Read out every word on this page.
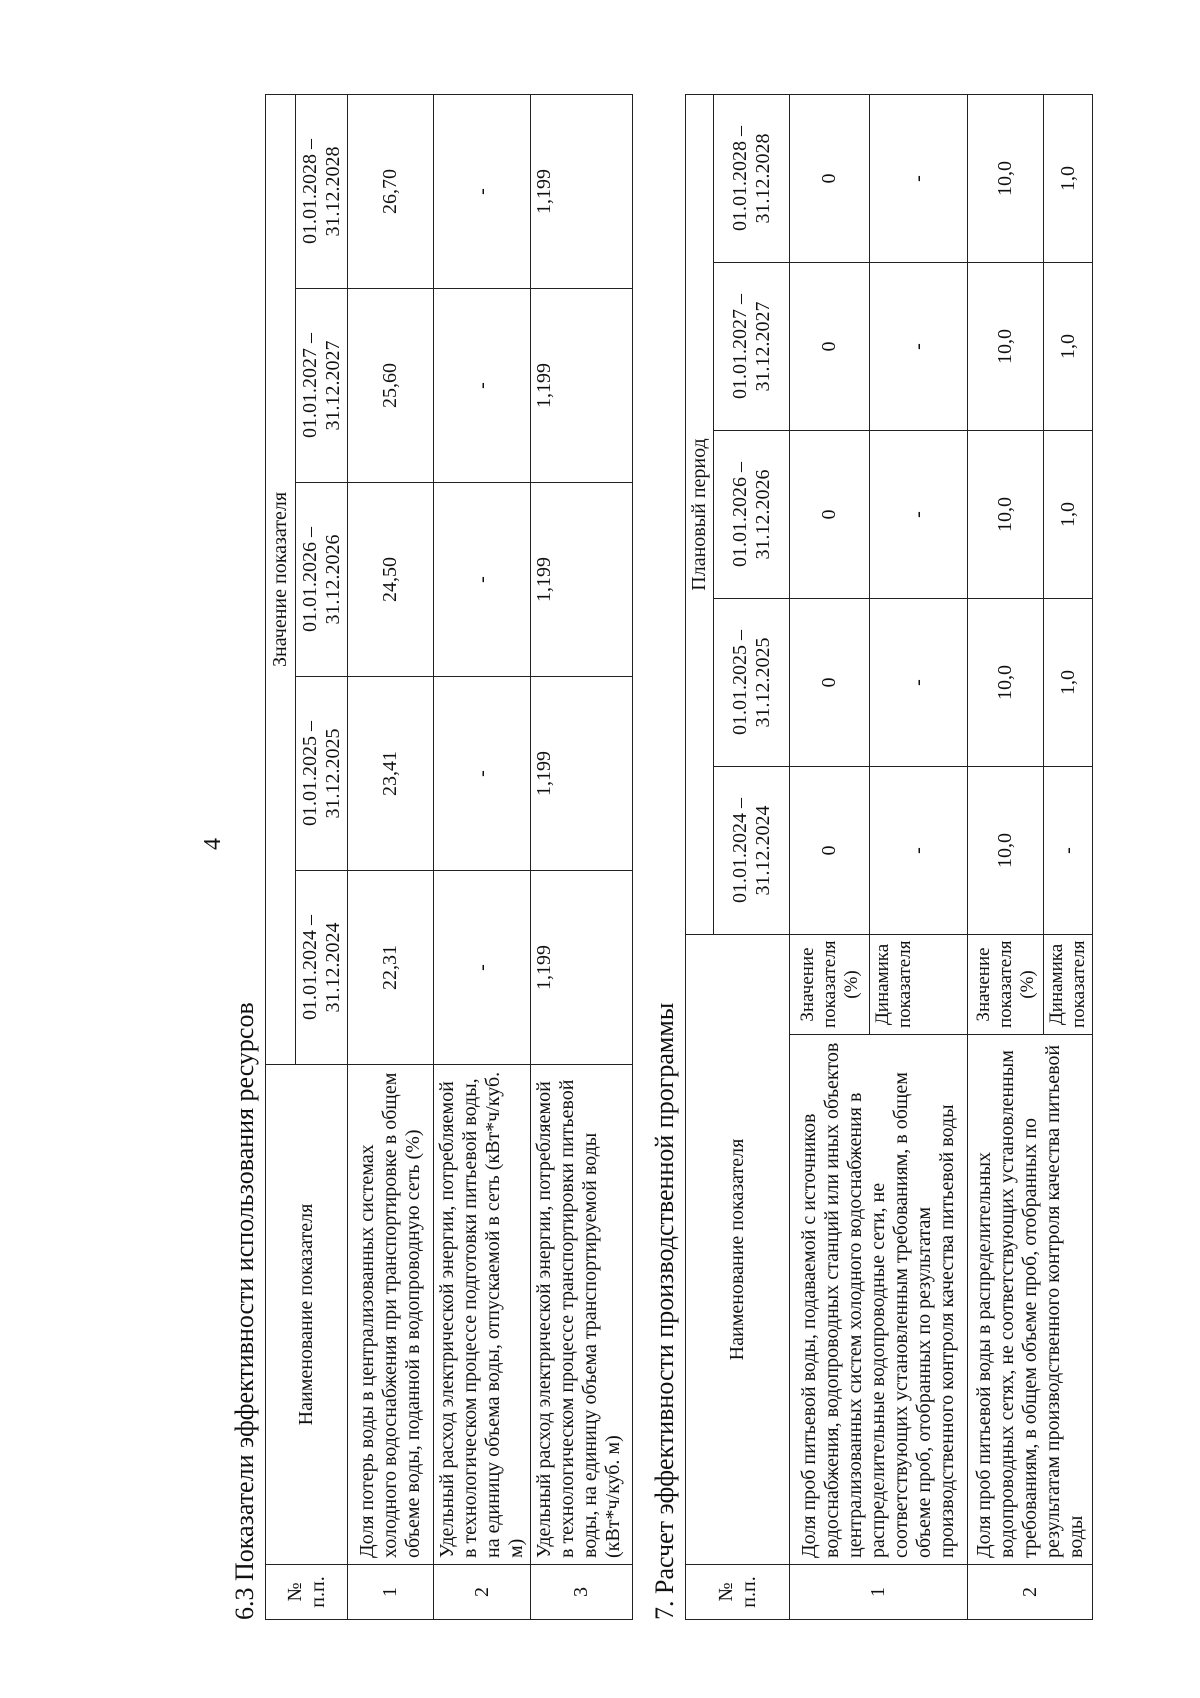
4
6.3 Показатели эффективности использования ресурсов № п.п.	Наименование показателя	Значение показателя				
		01.01.2024 – 31.12.2024	01.01.2025 – 31.12.2025	01.01.2026 – 31.12.2026	01.01.2027 – 31.12.2027	01.01.2028 – 31.12.2028
1	Доля потерь воды в централизованных системах холодного водоснабжения при транспортировке в общем объеме воды, поданной в водопроводную сеть (%)	22,31	23,41	24,50	25,60	26,70
2	Удельный расход электрической энергии, потребляемой в технологическом процессе подготовки питьевой воды, на единицу объема воды, отпускаемой в сеть (кВт*ч/куб. м)	-	-	-	-	-
3	Удельный расход электрической энергии, потребляемой в технологическом процессе транспортировки питьевой воды, на единицу объема транспортируемой воды (кВт*ч/куб. м)	1,199	1,199	1,199	1,199	1,199
7. Расчет эффективности производственной программы № п.п.	Наименование показателя		Плановый период				
			01.01.2024 – 31.12.2024	01.01.2025 – 31.12.2025	01.01.2026 – 31.12.2026	01.01.2027 – 31.12.2027	01.01.2028 – 31.12.2028
1	Доля проб питьевой воды, подаваемой с источников водоснабжения, водопроводных станций или иных объектов централизованных систем холодного водоснабжения в распределительные водопроводные сети, не соответствующих установленным требованиям, в общем объеме проб, отобранных по результатам производственного контроля качества питьевой воды	Значение показателя (%)	0	0	0	0	0
		Динамика показателя	-	-	-	-	-
2	Доля проб питьевой воды в распределительных водопроводных сетях, не соответствующих установленным требованиям, в общем объеме проб, отобранных по результатам производственного контроля качества питьевой воды	Значение показателя (%)	10,0	10,0	10,0	10,0	10,0
		Динамика показателя	-	1,0	1,0	1,0	1,0
